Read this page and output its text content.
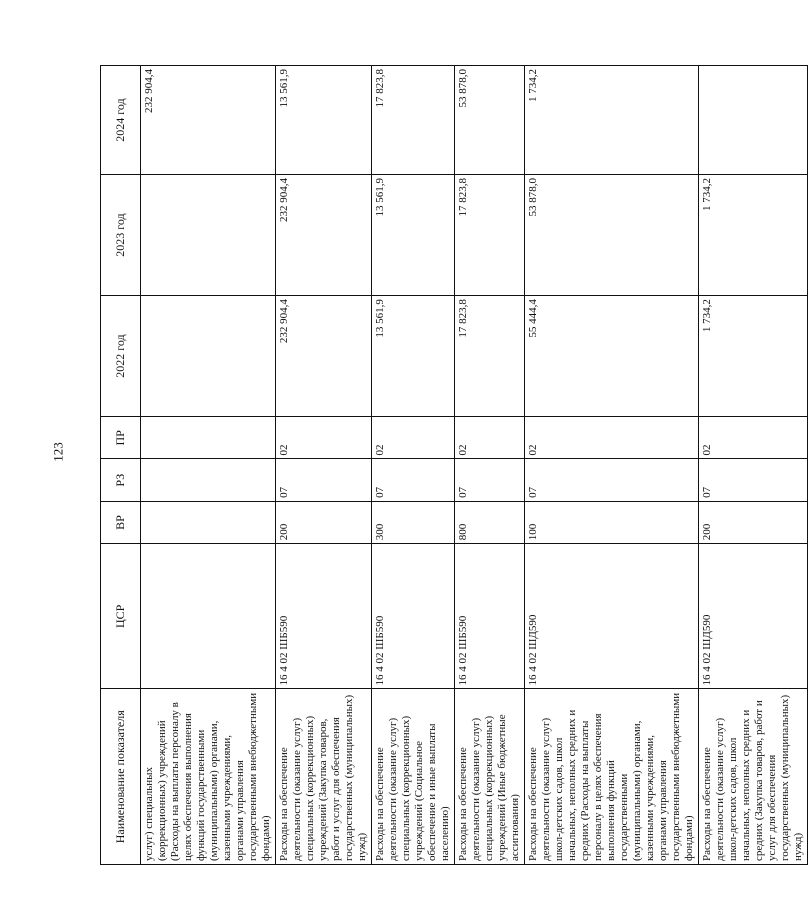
123
Наименование показателя	ЦСР	ВР	РЗ	ПР	2022 год	2023 год	2024 год
услуг) специальных (коррекционных) учреждений (Расходы на выплаты персоналу в целях обеспечения выполнения функций государственными (муниципальными) органами, казенными учреждениями, органами управления государственными внебюджетными фондами)							232 904,4
Расходы на обеспечение деятельности (оказание услуг) специальных (коррекционных) учреждений (Закупка товаров, работ и услуг для обеспечения государственных (муниципальных) нужд)	16 4 02 ШБ590	200	07	02	232 904,4	232 904,4	13 561,9
Расходы на обеспечение деятельности (оказание услуг) специальных (коррекционных) учреждений (Социальное обеспечение и иные выплаты населению)	16 4 02 ШБ590	300	07	02	13 561,9	13 561,9	17 823,8
Расходы на обеспечение деятельности (оказание услуг) специальных (коррекционных) учреждений (Иные бюджетные ассигнования)	16 4 02 ШБ590	800	07	02	17 823,8	17 823,8	53 878,0
Расходы на обеспечение деятельности (оказание услуг) школ-детских садов, школ начальных, неполных средних и средних (Расходы на выплаты персоналу в целях обеспечения выполнения функций государственными (муниципальными) органами, казенными учреждениями, органами управления государственными внебюджетными фондами)	16 4 02 ШД590	100	07	02	55 444,4	53 878,0	1 734,2
Расходы на обеспечение деятельности (оказание услуг) школ-детских садов, школ начальных, неполных средних и средних (Закупка товаров, работ и услуг для обеспечения государственных (муниципальных) нужд)	16 4 02 ШД590	200	07	02	1 734,2	1 734,2	
